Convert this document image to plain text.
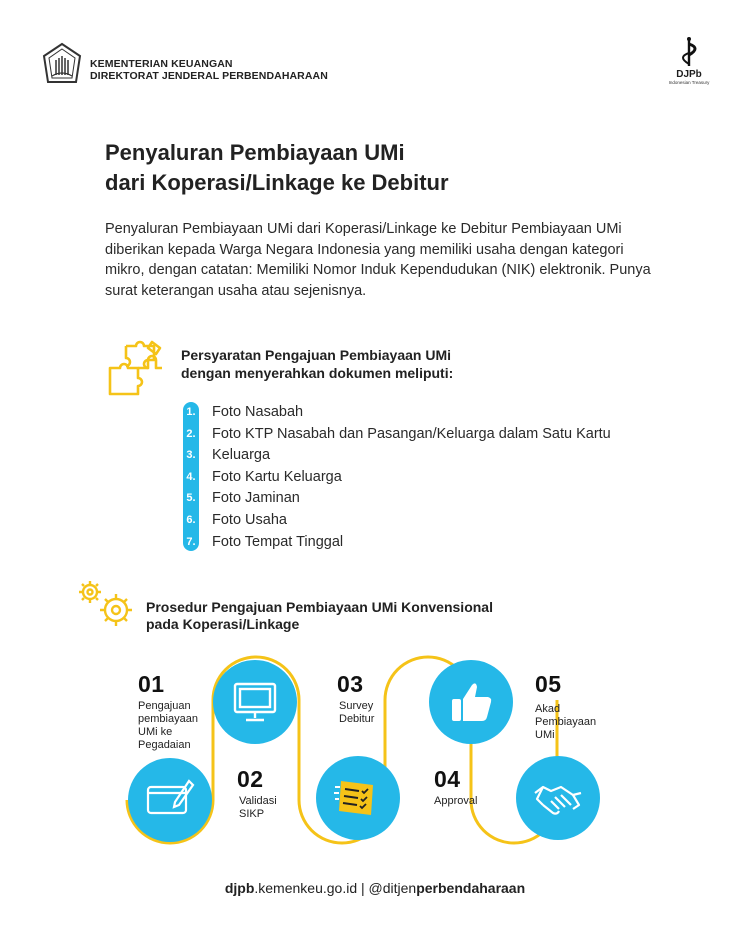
KEMENTERIAN KEUANGAN
DIREKTORAT JENDERAL PERBENDAHARAAN	DJPb
Indonesian Treasury
Penyaluran Pembiayaan UMi
dari Koperasi/Linkage ke Debitur
Penyaluran Pembiayaan UMi dari Koperasi/Linkage ke Debitur Pembiayaan UMi diberikan kepada Warga Negara Indonesia yang memiliki usaha dengan kategori mikro, dengan catatan: Memiliki Nomor Induk Kependudukan (NIK) elektronik. Punya surat keterangan usaha atau sejenisnya.
Persyaratan Pengajuan Pembiayaan UMi
dengan menyerahkan dokumen meliputi:
1. Foto Nasabah
2. Foto KTP Nasabah dan Pasangan/Keluarga dalam Satu Kartu
3. Keluarga
4. Foto Kartu Keluarga
5. Foto Jaminan
6. Foto Usaha
7. Foto Tempat Tinggal
Prosedur Pengajuan Pembiayaan UMi Konvensional
pada Koperasi/Linkage
01
Pengajuan pembiayaan UMi ke Pegadaian
02
Validasi SIKP
03
Survey Debitur
04
Approval
05
Akad Pembiayaan UMi
djpb.kemenkeu.go.id | @ditjenperbendaharaan
